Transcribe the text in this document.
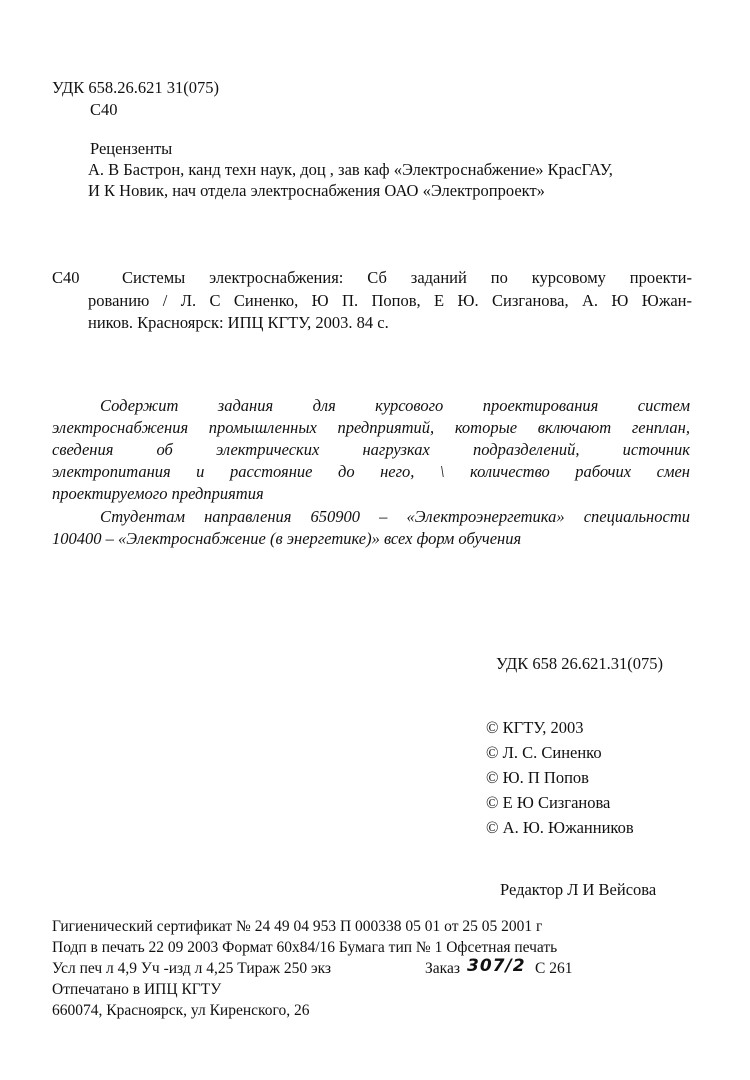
УДК 658.26.621 31(075)
С40
Рецензенты
А. В Бастрон, канд техн наук, доц , зав каф «Электроснабжение» КрасГАУ,
И К Новик, нач отдела электроснабжения ОАО «Электропроект»
С40	Системы электроснабжения: Сб заданий по курсовому проекти-
рованию / Л. С Синенко, Ю П. Попов, Е Ю. Сизганова, А. Ю Южан-
ников. Красноярск: ИПЦ КГТУ, 2003. 84 с.
Содержит задания для курсового проектирования систем
электроснабжения промышленных предприятий, которые включают генплан,
сведения об электрических нагрузках подразделений, источник
электропитания и расстояние до него, \ количество рабочих смен
проектируемого предприятия
Студентам направления 650900 – «Электроэнергетика» специальности
100400 – «Электроснабжение (в энергетике)» всех форм обучения
УДК 658 26.621.31(075)
© КГТУ, 2003
© Л. С. Синенко
© Ю. П Попов
© Е Ю Сизганова
© А. Ю. Южанников
Редактор Л И Вейсова
Гигиенический сертификат № 24 49 04 953 П 000338 05 01 от 25 05 2001 г
Подп в печать 22 09 2003 Формат 60х84/16 Бумага тип № 1 Офсетная печать
Усл печ л 4,9 Уч -изд л 4,25 Тираж 250 экз	Заказ 307/2 С 261
Отпечатано в ИПЦ КГТУ
660074, Красноярск, ул Киренского, 26
